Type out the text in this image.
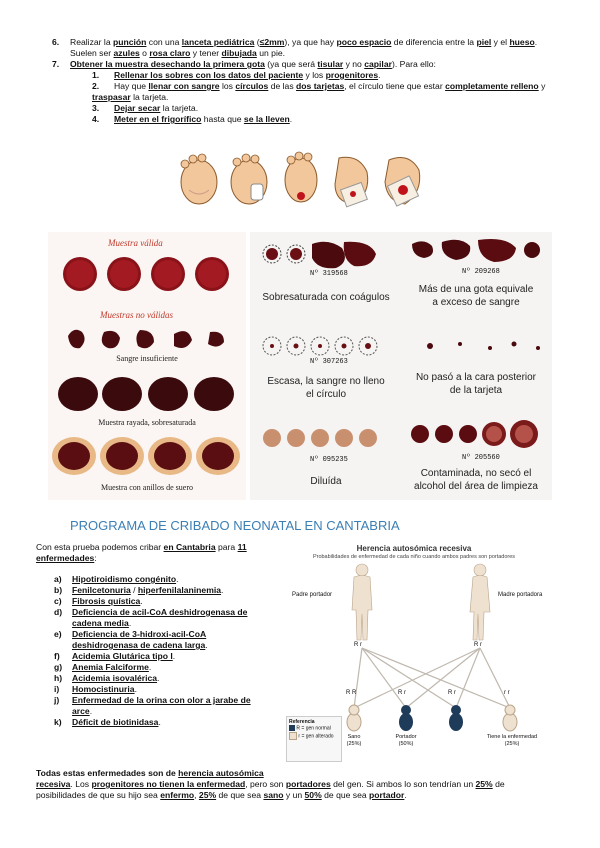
6. Realizar la punción con una lanceta pediátrica (≤2mm), ya que hay poco espacio de diferencia entre la piel y el hueso.
Suelen ser azules o rosa claro y tener dibujada un pie.
7. Obtener la muestra desechando la primera gota (ya que será tisular y no capilar). Para ello:
1. Rellenar los sobres con los datos del paciente y los progenitores.
2. Hay que llenar con sangre los círculos de las dos tarjetas, el círculo tiene que estar completamente relleno y traspasar la tarjeta.
3. Dejar secar la tarjeta.
4. Meter en el frigorífico hasta que se la lleven.
Muestra válida
Muestras no válidas
Sangre insuficiente
Muestra rayada, sobresaturada
Muestra con anillos de suero
Nº 319568
Sobresaturada con coágulos
Nº 209268
Más de una gota equivale
a exceso de sangre
Nº 307263
Escasa, la sangre no lleno
el círculo
No pasó a la cara posterior
de la tarjeta
Nº 095235
Diluída
Nº 205560
Contaminada, no secó el
alcohol del área de limpieza
PROGRAMA DE CRIBADO NEONATAL EN CANTABRIA
Con esta prueba podemos cribar en Cantabria para 11
enfermedades:
a) Hipotiroidismo congénito.
b) Fenilcetonuria / hiperfenilalaninemia.
c) Fibrosis quística.
d) Deficiencia de acil-CoA deshidrogenasa de
cadena media.
e) Deficiencia de 3-hidroxi-acil-CoA
deshidrogenasa de cadena larga.
f) Acidemia Glutárica tipo I.
g) Anemia Falciforme.
h) Acidemia isovalérica.
i) Homocistinuria.
j) Enfermedad de la orina con olor a jarabe de
arce.
k) Déficit de biotinidasa.
Herencia autosómica recesiva
Probabilidades de enfermedad de cada niño cuando ambos padres son portadores
Padre portador	Madre portadora
R r	R r
R R	R r	R r	r r
Sano
(25%)
Portador
(50%)
Tiene la enfermedad
(25%)
Referencia
R = gen normal
r = gen alterado
Todas estas enfermedades son de herencia autosómica
recesiva. Los progenitores no tienen la enfermedad, pero son portadores del gen. Si ambos lo son tendrían un 25% de
posibilidades de que su hijo sea enfermo, 25% de que sea sano y un 50% de que sea portador.
